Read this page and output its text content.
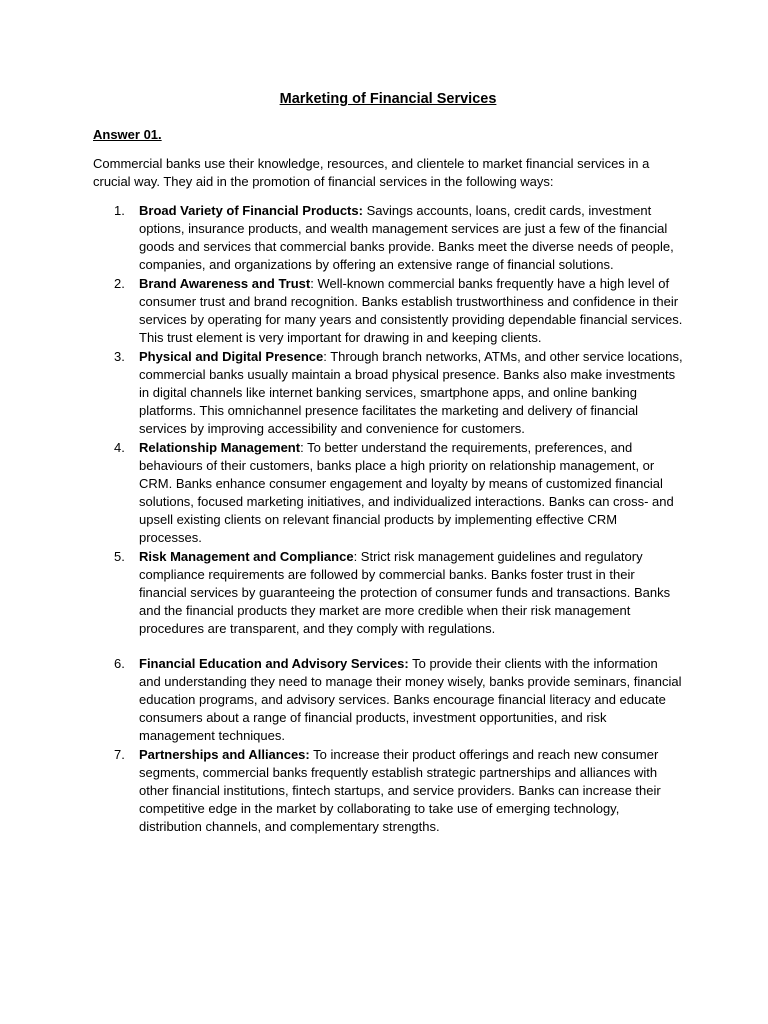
Marketing of Financial Services
Answer 01.

Commercial banks use their knowledge, resources, and clientele to market financial services in a crucial way. They aid in the promotion of financial services in the following ways:

1. Broad Variety of Financial Products: Savings accounts, loans, credit cards, investment options, insurance products, and wealth management services are just a few of the financial goods and services that commercial banks provide. Banks meet the diverse needs of people, companies, and organizations by offering an extensive range of financial solutions.
2. Brand Awareness and Trust: Well-known commercial banks frequently have a high level of consumer trust and brand recognition. Banks establish trustworthiness and confidence in their services by operating for many years and consistently providing dependable financial services. This trust element is very important for drawing in and keeping clients.
3. Physical and Digital Presence: Through branch networks, ATMs, and other service locations, commercial banks usually maintain a broad physical presence. Banks also make investments in digital channels like internet banking services, smartphone apps, and online banking platforms. This omnichannel presence facilitates the marketing and delivery of financial services by improving accessibility and convenience for customers.
4. Relationship Management: To better understand the requirements, preferences, and behaviours of their customers, banks place a high priority on relationship management, or CRM. Banks enhance consumer engagement and loyalty by means of customized financial solutions, focused marketing initiatives, and individualized interactions. Banks can cross- and upsell existing clients on relevant financial products by implementing effective CRM processes.
5. Risk Management and Compliance: Strict risk management guidelines and regulatory compliance requirements are followed by commercial banks. Banks foster trust in their financial services by guaranteeing the protection of consumer funds and transactions. Banks and the financial products they market are more credible when their risk management procedures are transparent, and they comply with regulations.
6. Financial Education and Advisory Services: To provide their clients with the information and understanding they need to manage their money wisely, banks provide seminars, financial education programs, and advisory services. Banks encourage financial literacy and educate consumers about a range of financial products, investment opportunities, and risk management techniques.
7. Partnerships and Alliances: To increase their product offerings and reach new consumer segments, commercial banks frequently establish strategic partnerships and alliances with other financial institutions, fintech startups, and service providers. Banks can increase their competitive edge in the market by collaborating to take use of emerging technology, distribution channels, and complementary strengths.
